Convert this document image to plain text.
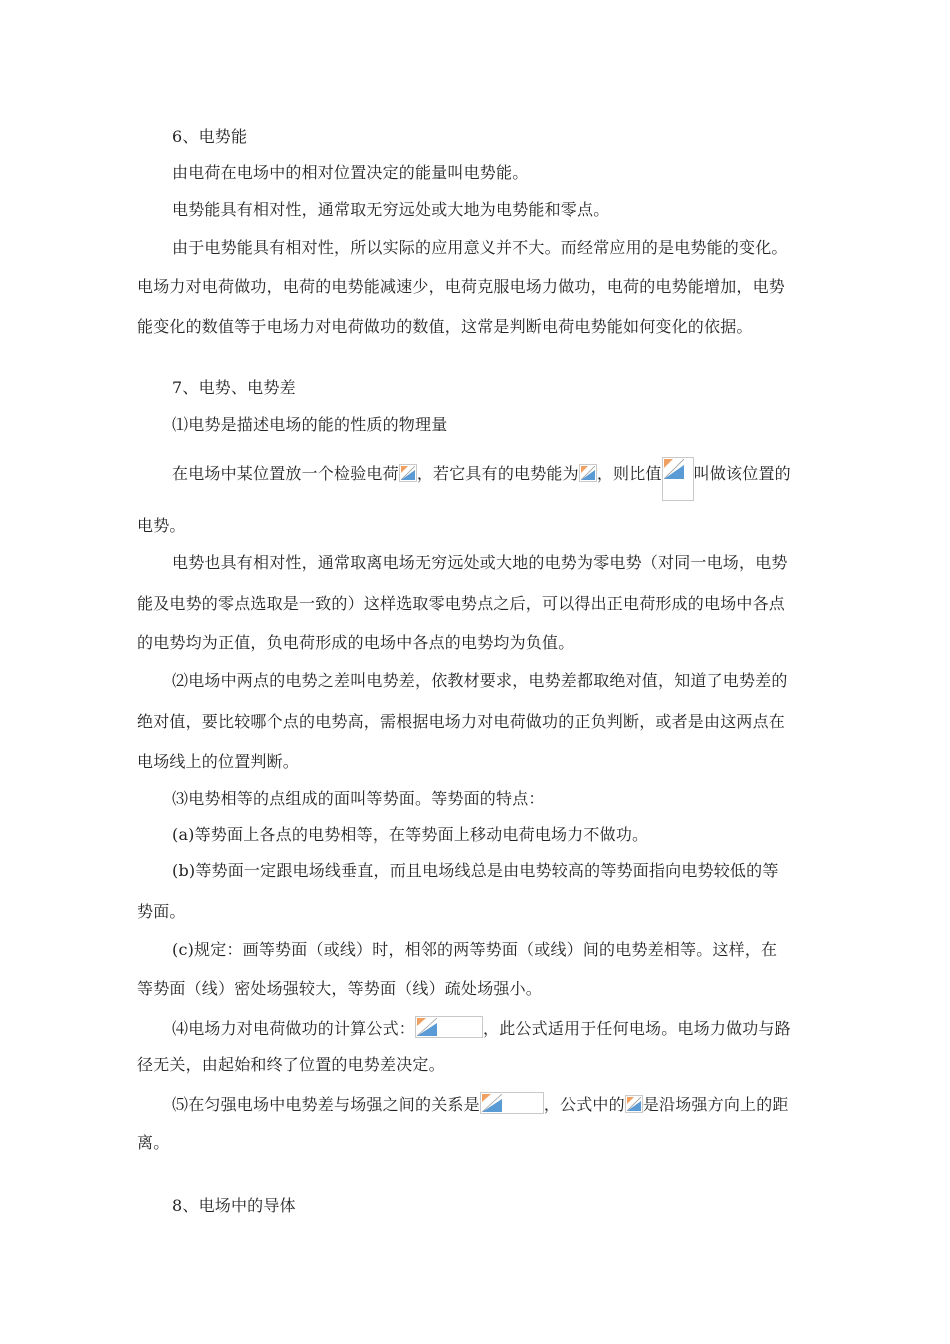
6、电势能
由电荷在电场中的相对位置决定的能量叫电势能。
电势能具有相对性，通常取无穷远处或大地为电势能和零点。
由于电势能具有相对性，所以实际的应用意义并不大。而经常应用的是电势能的变化。
电场力对电荷做功，电荷的电势能减速少，电荷克服电场力做功，电荷的电势能增加，电势
能变化的数值等于电场力对电荷做功的数值，这常是判断电荷电势能如何变化的依据。
7、电势、电势差
⑴电势是描述电场的能的性质的物理量
在电场中某位置放一个检验电荷 ，若它具有的电势能为 ，则比值 叫做该位置的
电势。
电势也具有相对性，通常取离电场无穷远处或大地的电势为零电势（对同一电场，电势
能及电势的零点选取是一致的）这样选取零电势点之后，可以得出正电荷形成的电场中各点
的电势均为正值，负电荷形成的电场中各点的电势均为负值。
⑵电场中两点的电势之差叫电势差，依教材要求，电势差都取绝对值，知道了电势差的
绝对值，要比较哪个点的电势高，需根据电场力对电荷做功的正负判断，或者是由这两点在
电场线上的位置判断。
⑶电势相等的点组成的面叫等势面。等势面的特点：
(a)等势面上各点的电势相等，在等势面上移动电荷电场力不做功。
(b)等势面一定跟电场线垂直，而且电场线总是由电势较高的等势面指向电势较低的等
势面。
(c)规定：画等势面（或线）时，相邻的两等势面（或线）间的电势差相等。这样，在
等势面（线）密处场强较大，等势面（线）疏处场强小。
⑷电场力对电荷做功的计算公式：	，此公式适用于任何电场。电场力做功与路
径无关，由起始和终了位置的电势差决定。
⑸在匀强电场中电势差与场强之间的关系是	，公式中的 是沿场强方向上的距
离。
8、电场中的导体
